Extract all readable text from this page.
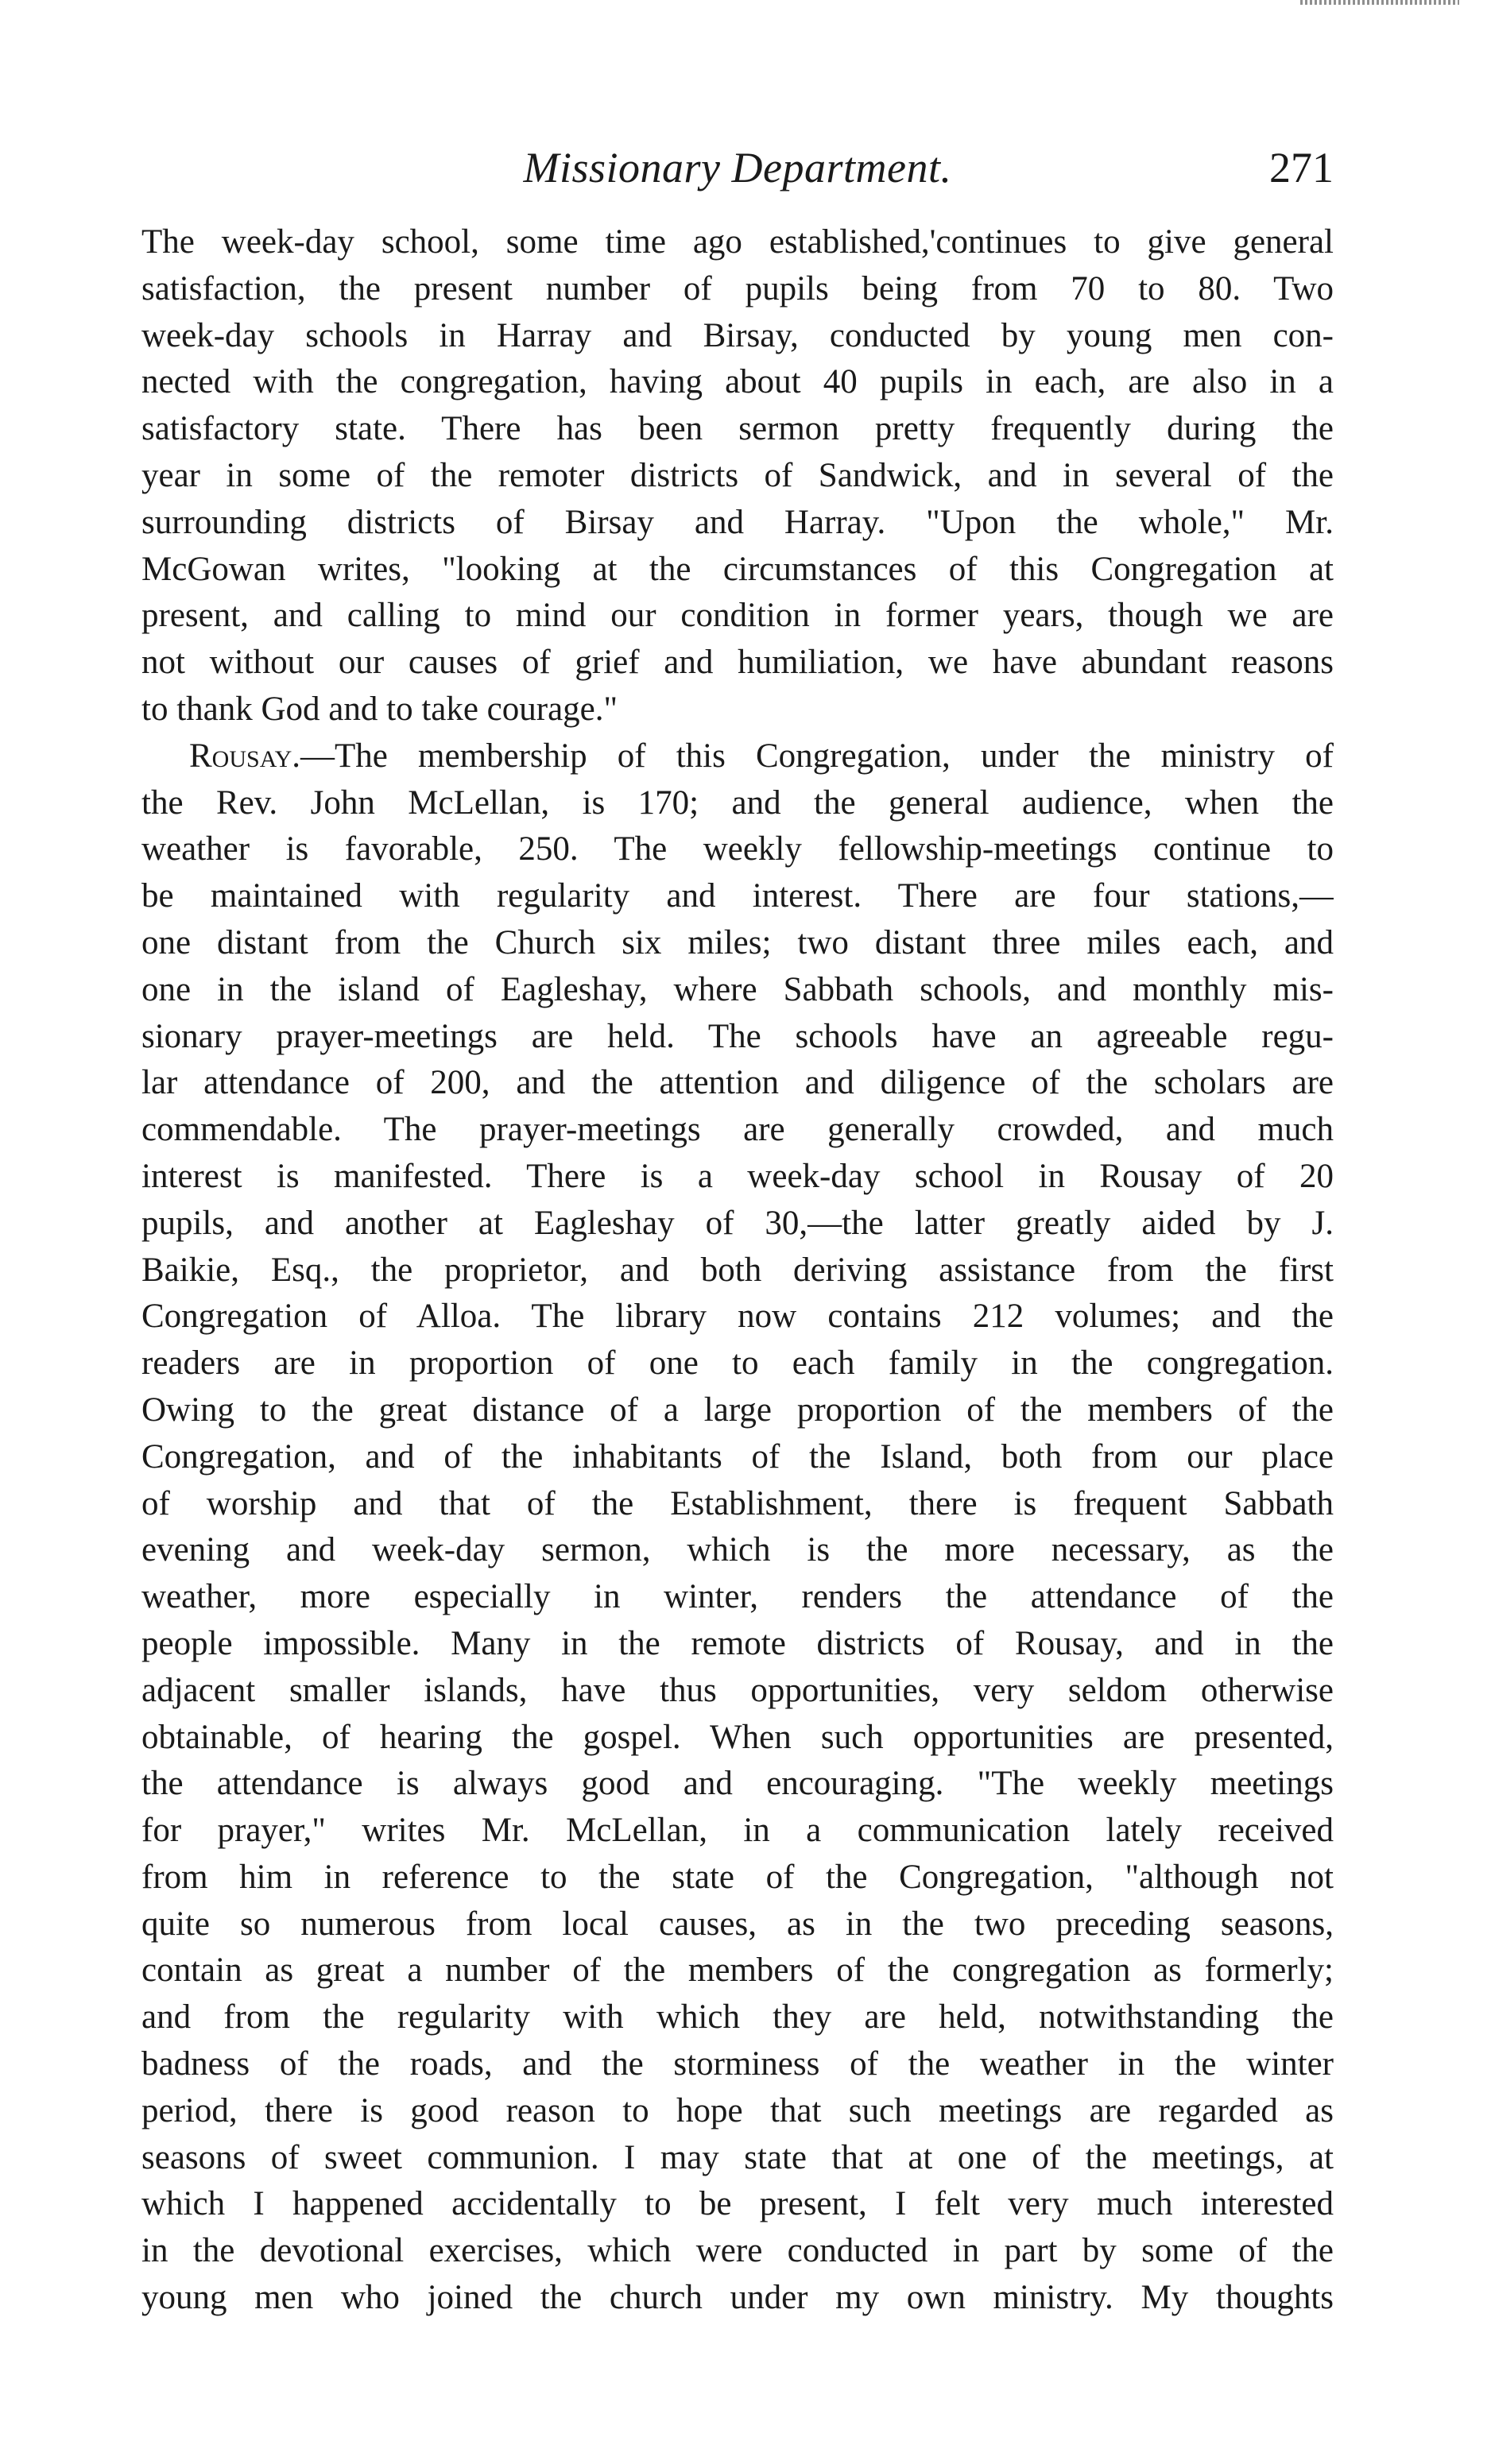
Missionary Department.	271
The week-day school, some time ago established,'continues to give general
satisfaction, the present number of pupils being from 70 to 80. Two
week-day schools in Harray and Birsay, conducted by young men con-
nected with the congregation, having about 40 pupils in each, are also in a
satisfactory state. There has been sermon pretty frequently during the
year in some of the remoter districts of Sandwick, and in several of the
surrounding districts of Birsay and Harray. "Upon the whole," Mr.
McGowan writes, "looking at the circumstances of this Congregation at
present, and calling to mind our condition in former years, though we are
not without our causes of grief and humiliation, we have abundant reasons
to thank God and to take courage."
Rousay.—The membership of this Congregation, under the ministry of
the Rev. John McLellan, is 170; and the general audience, when the
weather is favorable, 250. The weekly fellowship-meetings continue to
be maintained with regularity and interest. There are four stations,—
one distant from the Church six miles; two distant three miles each, and
one in the island of Eagleshay, where Sabbath schools, and monthly mis-
sionary prayer-meetings are held. The schools have an agreeable regu-
lar attendance of 200, and the attention and diligence of the scholars are
commendable. The prayer-meetings are generally crowded, and much
interest is manifested. There is a week-day school in Rousay of 20
pupils, and another at Eagleshay of 30,—the latter greatly aided by J.
Baikie, Esq., the proprietor, and both deriving assistance from the first
Congregation of Alloa. The library now contains 212 volumes; and the
readers are in proportion of one to each family in the congregation.
Owing to the great distance of a large proportion of the members of the
Congregation, and of the inhabitants of the Island, both from our place
of worship and that of the Establishment, there is frequent Sabbath
evening and week-day sermon, which is the more necessary, as the
weather, more especially in winter, renders the attendance of the
people impossible. Many in the remote districts of Rousay, and in the
adjacent smaller islands, have thus opportunities, very seldom otherwise
obtainable, of hearing the gospel. When such opportunities are presented,
the attendance is always good and encouraging. "The weekly meetings
for prayer," writes Mr. McLellan, in a communication lately received
from him in reference to the state of the Congregation, "although not
quite so numerous from local causes, as in the two preceding seasons,
contain as great a number of the members of the congregation as formerly;
and from the regularity with which they are held, notwithstanding the
badness of the roads, and the storminess of the weather in the winter
period, there is good reason to hope that such meetings are regarded as
seasons of sweet communion. I may state that at one of the meetings, at
which I happened accidentally to be present, I felt very much interested
in the devotional exercises, which were conducted in part by some of the
young men who joined the church under my own ministry. My thoughts
